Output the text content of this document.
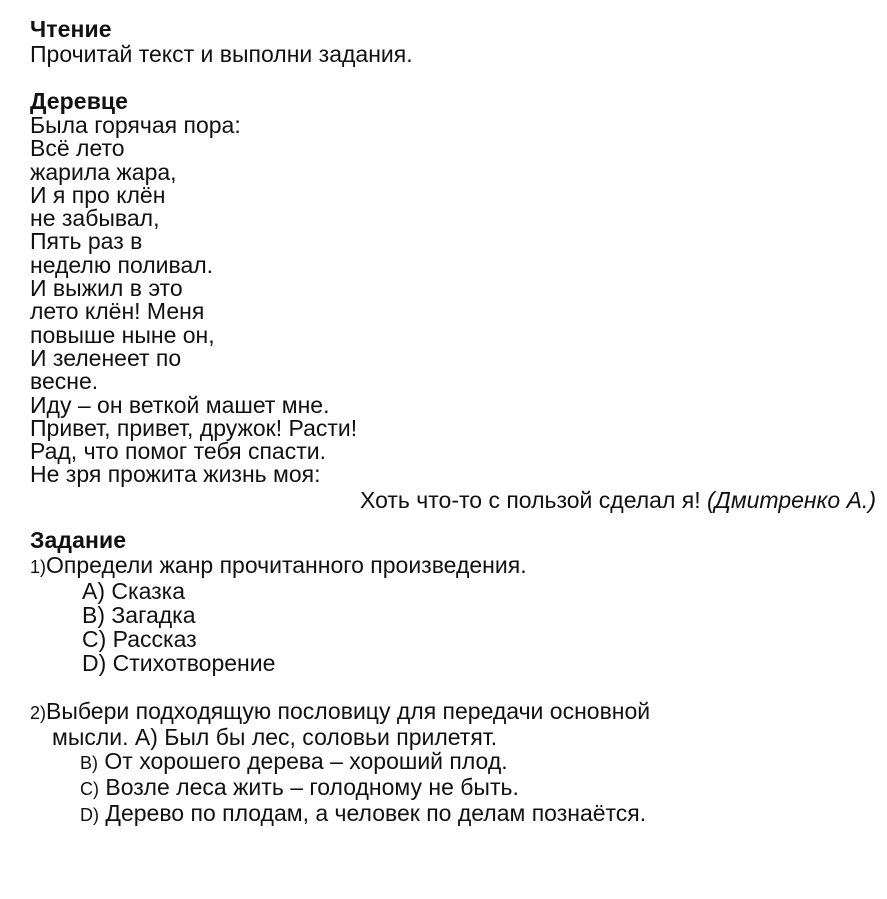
Чтение
Прочитай текст и выполни задания.
Деревце
Была горячая пора:
Всё лето
жарила жара,
И я про клён
не забывал,
Пять раз в
неделю поливал.
И выжил в это
лето клён! Меня
повыше ныне он,
И зеленеет по
весне.
Иду – он веткой машет мне.
Привет, привет, дружок! Расти!
Рад, что помог тебя спасти.
Не зря прожита жизнь моя:
Хоть что-то с пользой сделал я! (Дмитренко А.)
Задание
1)Определи жанр прочитанного произведения.
А) Сказка
В) Загадка
С) Рассказ
D) Стихотворение
2)Выбери подходящую пословицу для передачи основной
мысли. А) Был бы лес, соловьи прилетят.
B) От хорошего дерева – хороший плод.
C) Возле леса жить – голодному не быть.
D) Дерево по плодам, а человек по делам познаётся.
